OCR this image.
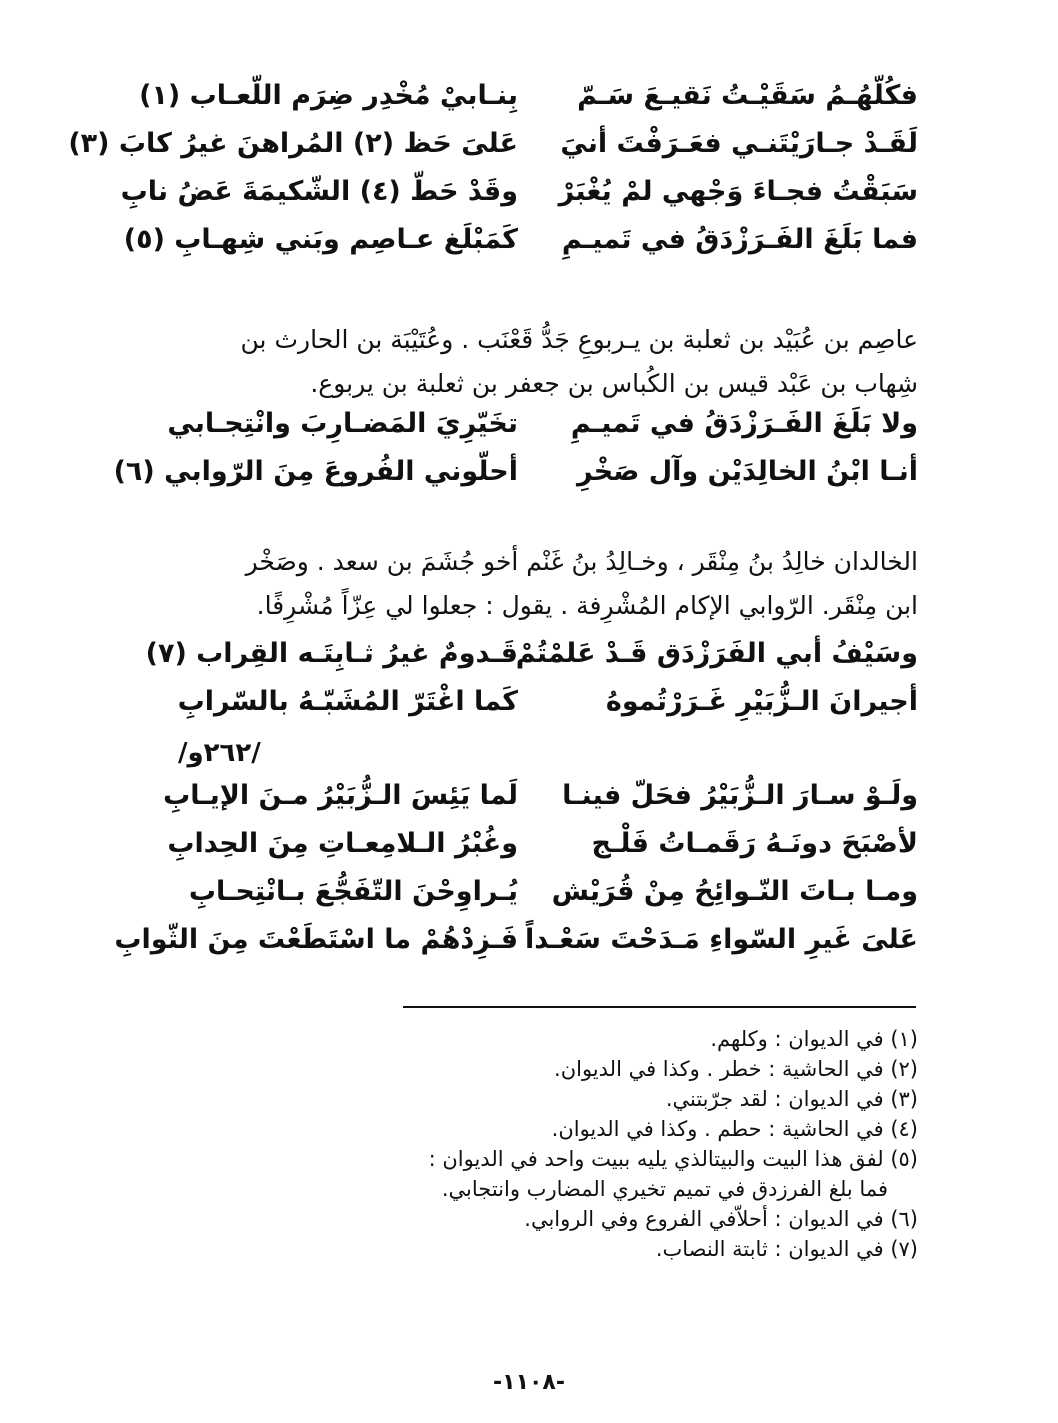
فكُلّهُـمُ سَقَيْـتُ نَقيـعَ سَـمّ
بِنـابيْ مُخْدِر ضِرَم اللّعـاب (١)
لَقَـدْ جـارَيْتَنـي فعَـرَفْتَ أنيَ
عَلىَ حَظ (٢) المُراهنَ غيرُ كابَ (٣)
سَبَقْتُ فجـاءَ وَجْهي لمْ يُغْبَرْ
وقَدْ حَطّ (٤) الشّكيمَةَ عَضُ نابِ
فما بَلَغَ الفَـرَزْدَقُ في تَميـمِ
كَمَبْلَغ عـاصِم وبَني شِهـابِ (٥)
عاصِم بن عُبَيْد بن ثعلبة بن يـربوعِ جَدُّ قَعْنَب . وعُتَيْبَة بن الحارث بن
شِهاب بن عَبْد قيس بن الكُباس بن جعفر بن ثعلبة بن يربوع.
ولا بَلَغَ الفَـرَزْدَقُ في تَميـمِ
تخَيّرِيَ المَضـارِبَ وانْتِجـابي
أنـا ابْنُ الخالِدَيْن وآل صَخْرِ
أحلّوني الفُروعَ مِنَ الرّوابي (٦)
الخالدان خالِدُ بنُ مِنْقَر ، وخـالِدُ بنُ غَنْم أخو جُشَمَ بن سعد . وصَخْر
ابن مِنْقَر. الرّوابي الإكام المُشْرِفة . يقول : جعلوا لي عِزّاً مُشْرِفًا.
وسَيْفُ أبي الفَرَزْدَق قَـدْ عَلمْتُمْ
قَـدومٌ غيرُ ثـابِتَـه القِراب (٧)
أجيرانَ الـزُّبَيْرِ غَـرَرْتُموهُ
كَما اغْتَرّ المُشَبّـهُ بالسّرابِ
/٢٦٢و/
ولَـوْ سـارَ الـزُّبَيْرُ فحَلّ فينـا
لَما يَئِسَ الـزُّبَيْرُ مـنَ الإيـابِ
لأصْبَحَ دونَـهُ رَقَمـاتُ فَلْـج
وغُبْرُ الـلامِعـاتِ مِنَ الحِدابِ
ومـا بـاتَ النّـوائِحُ مِنْ قُرَيْش
يُـراوِحْنَ التّفَجُّعَ بـانْتِحـابِ
عَلىَ غَيرِ السّواءِ مَـدَحْتَ سَعْـداً
فَـزِدْهُمْ ما اسْتَطَعْتَ مِنَ الثّوابِ
(١) في الديوان : وكلهم.
(٢) في الحاشية : خطر . وكذا في الديوان.
(٣) في الديوان : لقد جرّبتني.
(٤) في الحاشية : حطم . وكذا في الديوان.
(٥) لفق هذا البيت والبيتالذي يليه ببيت واحد في الديوان :
فما بلغ الفرزدق في تميم تخيري المضارب وانتجابي.
(٦) في الديوان : أحلاّفي الفروع وفي الروابي.
(٧) في الديوان : ثابتة النصاب.
-١١٠٨-
